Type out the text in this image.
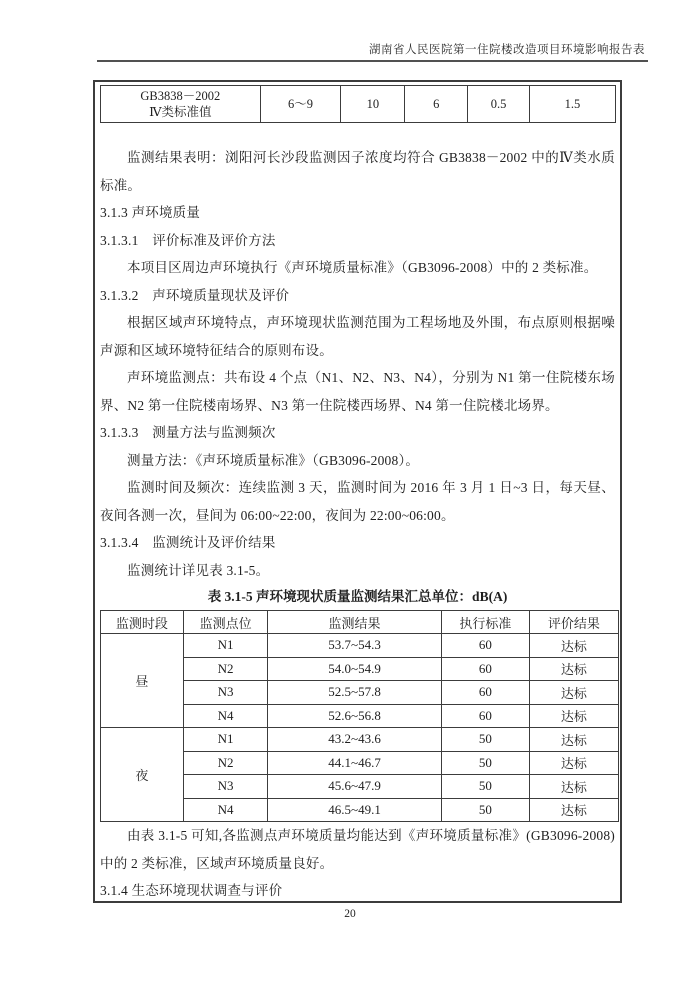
湖南省人民医院第一住院楼改造项目环境影响报告表
GB3838－2002
Ⅳ类标准值
	6～9	10	6	0.5	1.5

监测结果表明：浏阳河长沙段监测因子浓度均符合 GB3838－2002 中的Ⅳ类水质标准。

3.1.3 声环境质量

3.1.3.1　评价标准及评价方法

本项目区周边声环境执行《声环境质量标准》（GB3096-2008）中的 2 类标准。

3.1.3.2　声环境质量现状及评价

根据区域声环境特点，声环境现状监测范围为工程场地及外围，布点原则根据噪声源和区域环境特征结合的原则布设。

声环境监测点：共布设 4 个点（N1、N2、N3、N4），分别为 N1 第一住院楼东场界、N2 第一住院楼南场界、N3 第一住院楼西场界、N4 第一住院楼北场界。

3.1.3.3　测量方法与监测频次

测量方法：《声环境质量标准》（GB3096-2008）。

监测时间及频次：连续监测 3 天，监测时间为 2016 年 3 月 1 日~3 日，每天昼、夜间各测一次，昼间为 06:00~22:00，夜间为 22:00~06:00。

3.1.3.4　监测统计及评价结果

监测统计详见表 3.1-5。

表 3.1-5 声环境现状质量监测结果汇总单位：dB(A)
监测时段	监测点位	监测结果	执行标准	评价结果
昼	N1	53.7~54.3	60	达标
	N2	54.0~54.9	60	达标
	N3	52.5~57.8	60	达标
	N4	52.6~56.8	60	达标
夜	N1	43.2~43.6	50	达标
	N2	44.1~46.7	50	达标
	N3	45.6~47.9	50	达标
	N4	46.5~49.1	50	达标

由表 3.1-5 可知,各监测点声环境质量均能达到《声环境质量标准》(GB3096-2008)中的 2 类标准，区域声环境质量良好。

3.1.4 生态环境现状调查与评价

20
